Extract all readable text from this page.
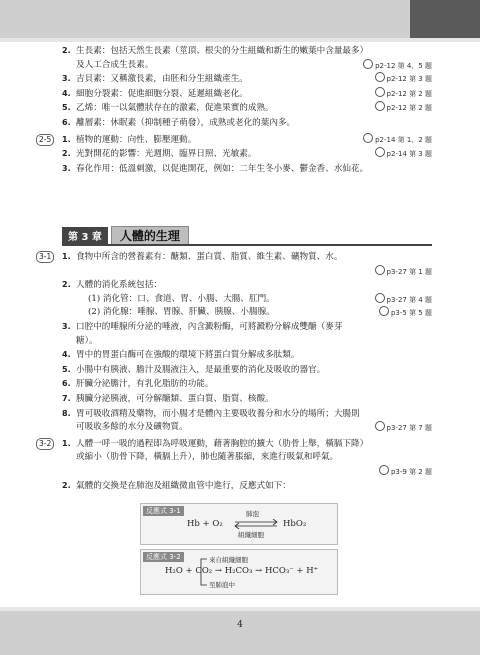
2. 生長素：包括天然生長素（莖頂、根尖的分生組織和新生的嫩葉中含量最多）
及人工合成生長素。	p2-12 第 4、5 題
3. 吉貝素：又稱激長素，由胚和分生組織產生。	p2-12 第 3 題
4. 細胞分裂素：促進細胞分裂、延遲組織老化。	p2-12 第 2 題
5. 乙烯：唯一以氣體狀存在的激素，促進果實的成熟。	p2-12 第 2 題
6. 離層素：休眠素（抑制種子萌發），成熟或老化的葉內多。
2-5	1. 植物的運動：向性、膨壓運動。	p2-14 第 1、2 題
2. 光對開花的影響：光週期、臨界日照、光敏素。	p2-14 第 3 題
3. 春化作用：低溫刺激，以促進開花，例如：二年生冬小麥、鬱金香、水仙花。
第 3 章	人體的生理
3-1	1. 食物中所含的營養素有：醣類、蛋白質、脂質、維生素、礦物質、水。
p3-27 第 1 題

2. 人體的消化系統包括：
(1) 消化管：口、食道、胃、小腸、大腸、肛門。	p3-27 第 4 題
(2) 消化腺：唾腺、胃腺、肝臟、胰腺、小腸腺。	p3-5 第 5 題
3. 口腔中的唾腺所分泌的唾液，內含澱粉酶，可將澱粉分解成雙醣（麥芽
糖）。
4. 胃中的胃蛋白酶可在強酸的環境下將蛋白質分解成多肽類。
5. 小腸中有胰液、膽汁及腸液注入，是最重要的消化及吸收的器官。
6. 肝臟分泌膽汁，有乳化脂肪的功能。
7. 胰臟分泌胰液，可分解醣類、蛋白質、脂質、核酸。
8. 胃可吸收酒精及藥物，而小腸才是體內主要吸收養分和水分的場所；大腸則
可吸收多餘的水分及礦物質。	p3-27 第 7 題
3-2	1. 人體一呼一吸的過程即為呼吸運動，藉著胸腔的擴大（肋骨上舉，橫膈下降）
或縮小（肋骨下降，橫膈上升），肺也隨著脹縮，來進行吸氣和呼氣。
p3-9 第 2 題

2. 氣體的交換是在肺泡及組織微血管中進行，反應式如下：
反應式 3-1
Hb + O₂
肺泡
組織細胞
HbO₂
反應式 3-2	來自組織細胞
H₂O + CO₂ → H₂CO₃ → HCO₃⁻ + H⁺
至肺泡中
4
